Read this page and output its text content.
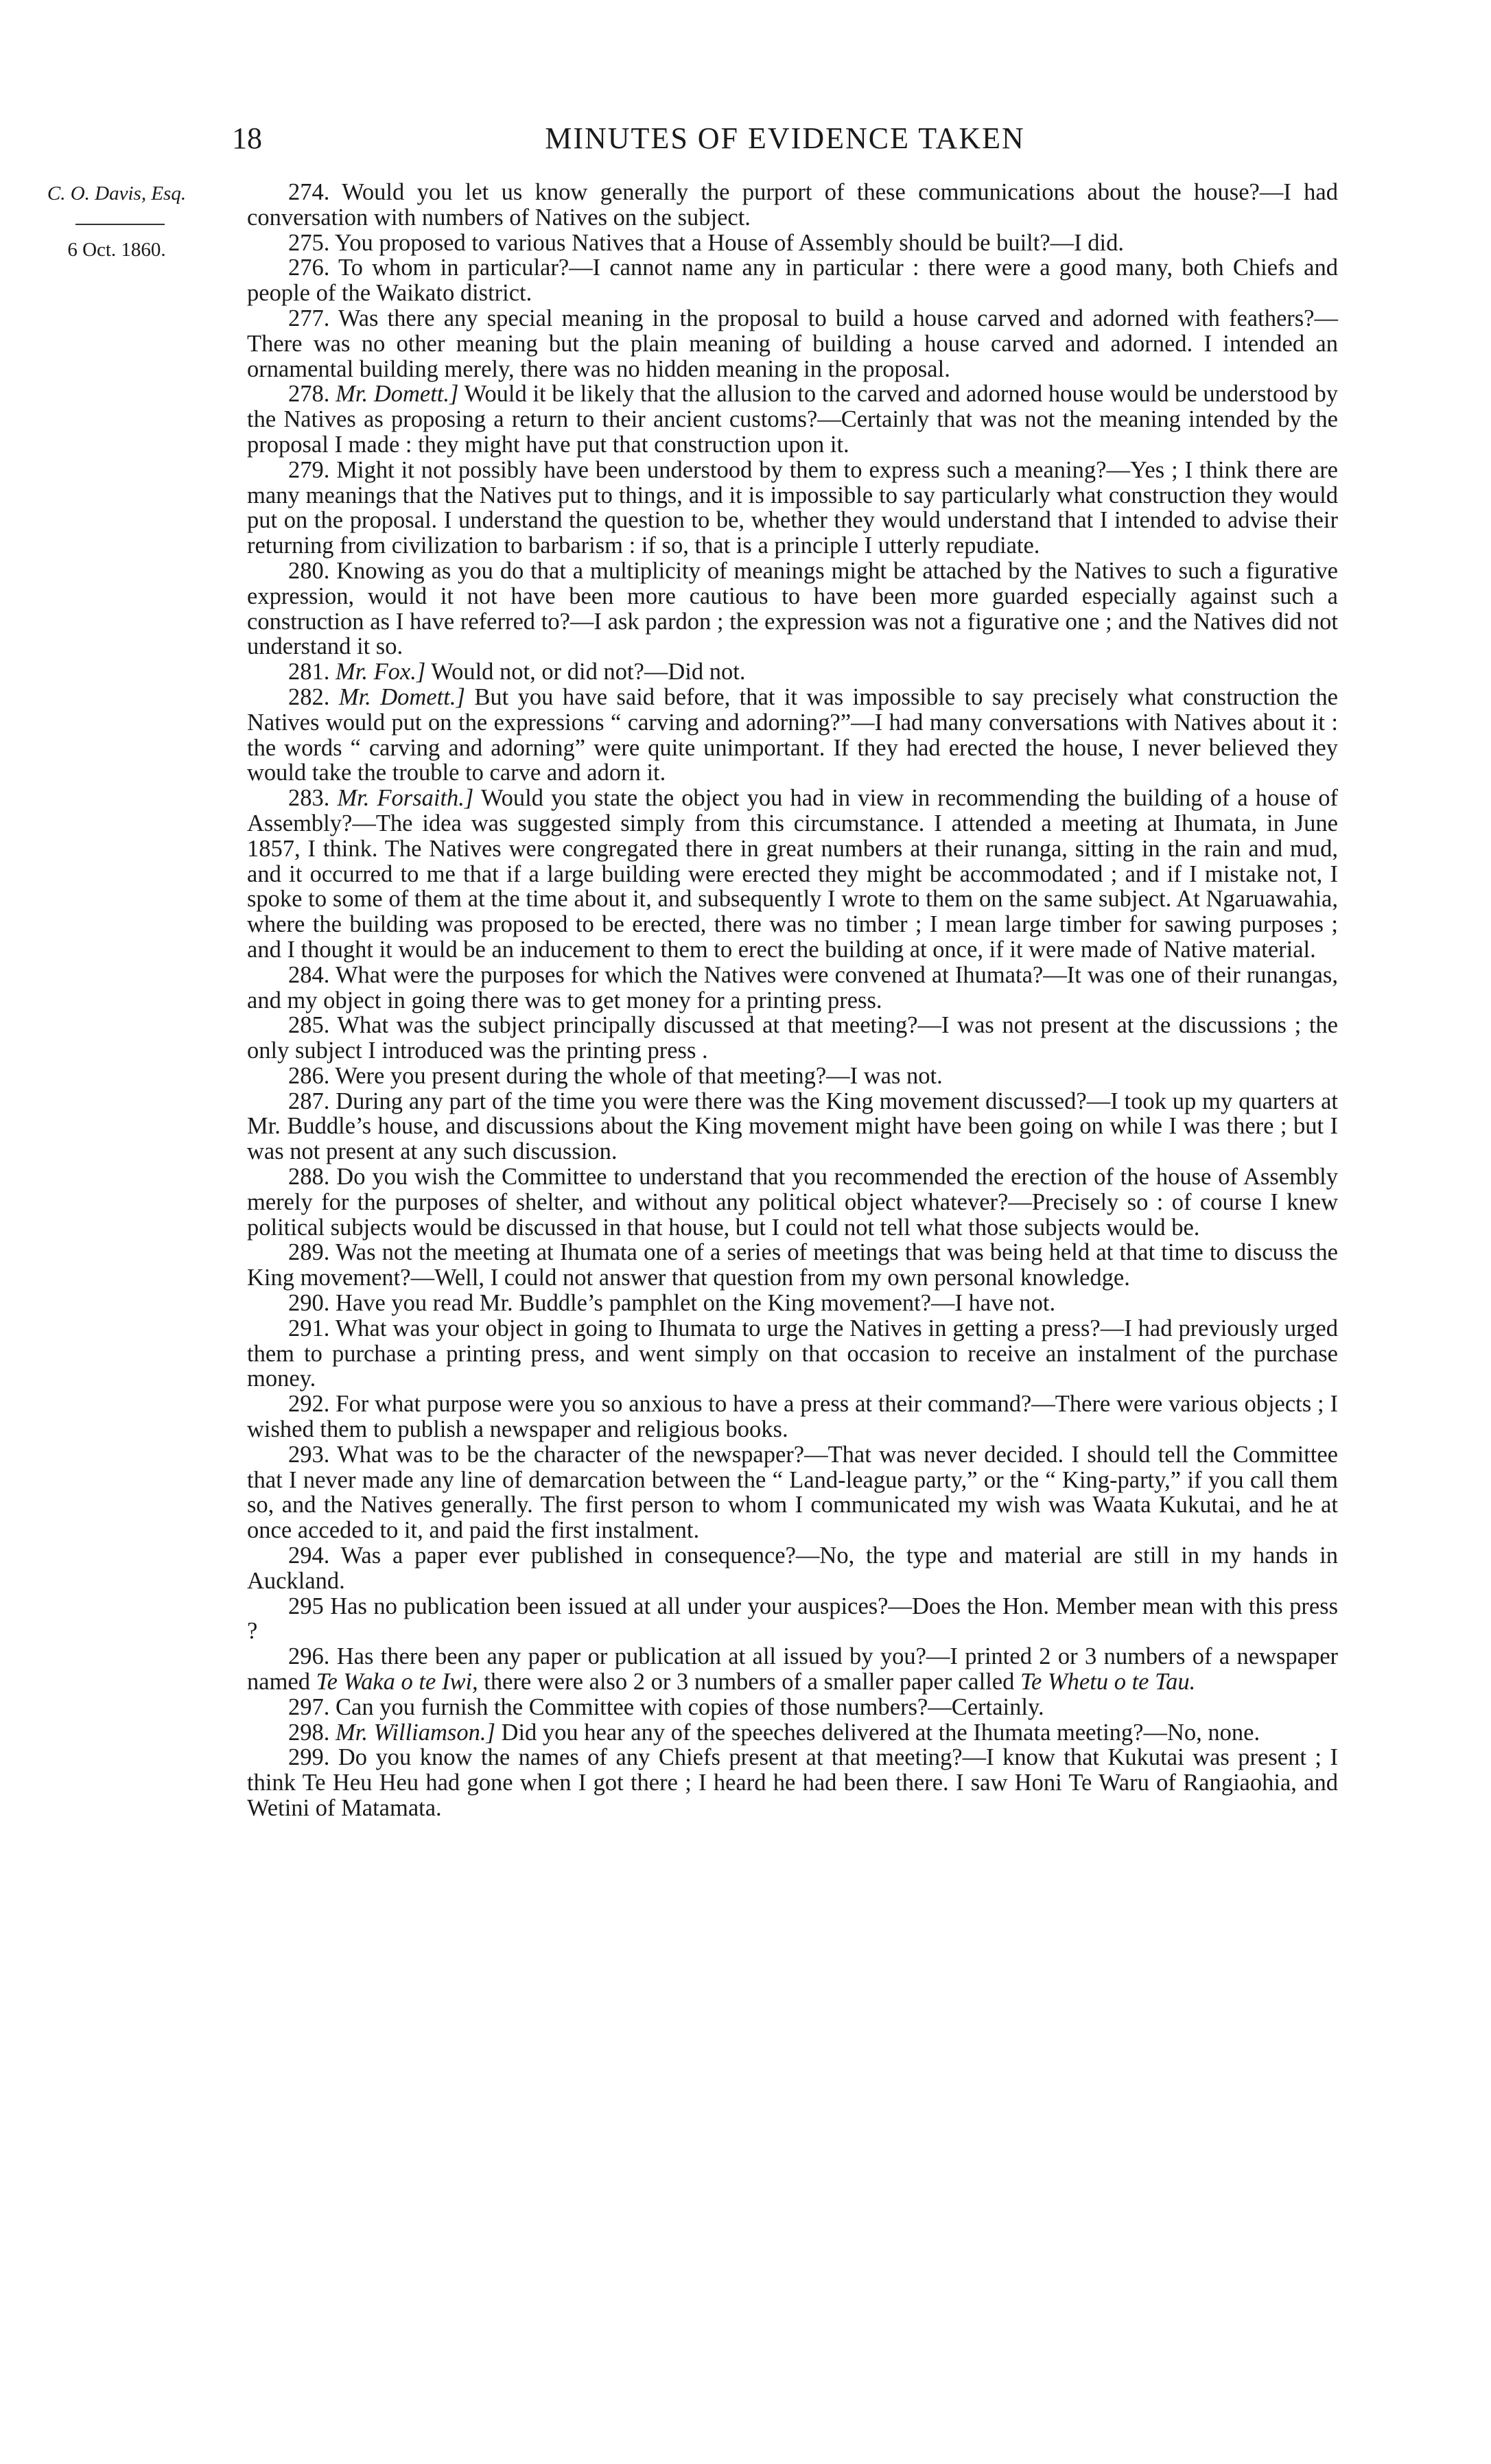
18	MINUTES OF EVIDENCE TAKEN
C. O. Davis, Esq.
6 Oct. 1860.

274. Would you let us know generally the purport of these communications about the house?—I had conversation with numbers of Natives on the subject.

275. You proposed to various Natives that a House of Assembly should be built?—I did.

276. To whom in particular?—I cannot name any in particular : there were a good many, both Chiefs and people of the Waikato district.

277. Was there any special meaning in the proposal to build a house carved and adorned with feathers?—There was no other meaning but the plain meaning of building a house carved and adorned. I intended an ornamental building merely, there was no hidden meaning in the proposal.

278. Mr. Domett.] Would it be likely that the allusion to the carved and adorned house would be understood by the Natives as proposing a return to their ancient customs?—Certainly that was not the meaning intended by the proposal I made : they might have put that construction upon it.

279. Might it not possibly have been understood by them to express such a meaning?—Yes ; I think there are many meanings that the Natives put to things, and it is impossible to say particularly what construction they would put on the proposal. I understand the question to be, whether they would understand that I intended to advise their returning from civilization to barbarism : if so, that is a principle I utterly repudiate.

280. Knowing as you do that a multiplicity of meanings might be attached by the Natives to such a figurative expression, would it not have been more cautious to have been more guarded especially against such a construction as I have referred to?—I ask pardon ; the expression was not a figurative one ; and the Natives did not understand it so.

281. Mr. Fox.] Would not, or did not?—Did not.

282. Mr. Domett.] But you have said before, that it was impossible to say precisely what construction the Natives would put on the expressions “ carving and adorning?”—I had many conversations with Natives about it : the words “ carving and adorning” were quite unimportant. If they had erected the house, I never believed they would take the trouble to carve and adorn it.

283. Mr. Forsaith.] Would you state the object you had in view in recommending the building of a house of Assembly?—The idea was suggested simply from this circumstance. I attended a meeting at Ihumata, in June 1857, I think. The Natives were congregated there in great numbers at their runanga, sitting in the rain and mud, and it occurred to me that if a large building were erected they might be accommodated ; and if I mistake not, I spoke to some of them at the time about it, and subsequently I wrote to them on the same subject. At Ngaruawahia, where the building was proposed to be erected, there was no timber ; I mean large timber for sawing purposes ; and I thought it would be an inducement to them to erect the building at once, if it were made of Native material.

284. What were the purposes for which the Natives were convened at Ihumata?—It was one of their runangas, and my object in going there was to get money for a printing press.

285. What was the subject principally discussed at that meeting?—I was not present at the discussions ; the only subject I introduced was the printing press .

286. Were you present during the whole of that meeting?—I was not.

287. During any part of the time you were there was the King movement discussed?—I took up my quarters at Mr. Buddle’s house, and discussions about the King movement might have been going on while I was there ; but I was not present at any such discussion.

288. Do you wish the Committee to understand that you recommended the erection of the house of Assembly merely for the purposes of shelter, and without any political object whatever?—Precisely so : of course I knew political subjects would be discussed in that house, but I could not tell what those subjects would be.

289. Was not the meeting at Ihumata one of a series of meetings that was being held at that time to discuss the King movement?—Well, I could not answer that question from my own personal knowledge.

290. Have you read Mr. Buddle’s pamphlet on the King movement?—I have not.

291. What was your object in going to Ihumata to urge the Natives in getting a press?—I had previously urged them to purchase a printing press, and went simply on that occasion to receive an instalment of the purchase money.

292. For what purpose were you so anxious to have a press at their command?—There were various objects ; I wished them to publish a newspaper and religious books.

293. What was to be the character of the newspaper?—That was never decided. I should tell the Committee that I never made any line of demarcation between the “ Land-league party,” or the “ King-party,” if you call them so, and the Natives generally. The first person to whom I communicated my wish was Waata Kukutai, and he at once acceded to it, and paid the first instalment.

294. Was a paper ever published in consequence?—No, the type and material are still in my hands in Auckland.

295 Has no publication been issued at all under your auspices?—Does the Hon. Member mean with this press ?

296. Has there been any paper or publication at all issued by you?—I printed 2 or 3 numbers of a newspaper named Te Waka o te Iwi, there were also 2 or 3 numbers of a smaller paper called Te Whetu o te Tau.

297. Can you furnish the Committee with copies of those numbers?—Certainly.

298. Mr. Williamson.] Did you hear any of the speeches delivered at the Ihumata meeting?—No, none.

299. Do you know the names of any Chiefs present at that meeting?—I know that Kukutai was present ; I think Te Heu Heu had gone when I got there ; I heard he had been there. I saw Honi Te Waru of Rangiaohia, and Wetini of Matamata.
